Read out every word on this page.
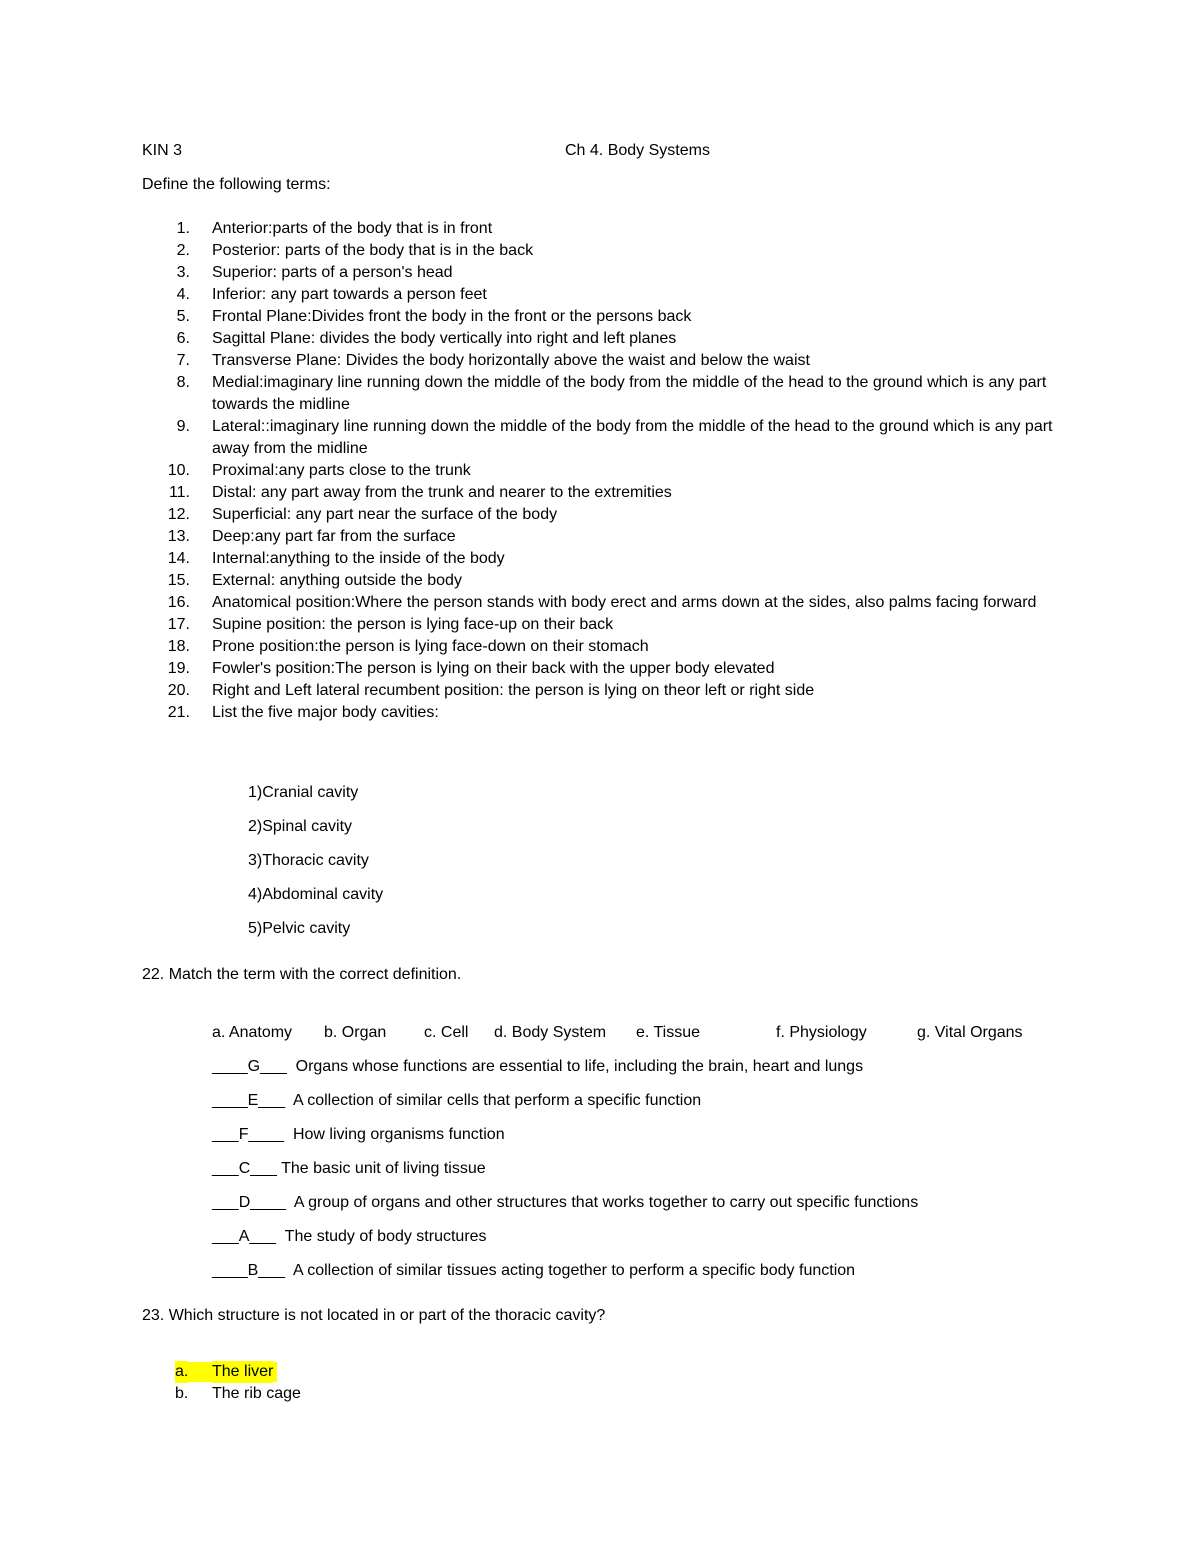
KIN 3	Ch 4. Body Systems
Define the following terms:
1. Anterior:parts of the body that is in front
2. Posterior: parts of the body that is in the back
3. Superior: parts of a person's head
4. Inferior: any part towards a person feet
5. Frontal Plane:Divides front the body in the front or the persons back
6. Sagittal Plane: divides the body vertically into right and left planes
7. Transverse Plane: Divides the body horizontally above the waist and below the waist
8. Medial:imaginary line running down the middle of the body from the middle of the head to the ground which is any part towards the midline
9. Lateral::imaginary line running down the middle of the body from the middle of the head to the ground which is any part away from the midline
10. Proximal:any parts close to the trunk
11. Distal: any part away from the trunk and nearer to the extremities
12. Superficial: any part near the surface of the body
13. Deep:any part far from the surface
14. Internal:anything to the inside of the body
15. External: anything outside the body
16. Anatomical position:Where the person stands with body erect and arms down at the sides, also palms facing forward
17. Supine position: the person is lying face-up on their back
18. Prone position:the person is lying face-down on their stomach
19. Fowler's position:The person is lying on their back with the upper body elevated
20. Right and Left lateral recumbent position: the person is lying on theor left or right side
21. List the five major body cavities:
1)Cranial cavity
2)Spinal cavity
3)Thoracic cavity
4)Abdominal cavity
5)Pelvic cavity
22. Match the term with the correct definition.
a. Anatomy b. Organ c. Cell d. Body System e. Tissue	f. Physiology	g. Vital Organs
____G___ Organs whose functions are essential to life, including the brain, heart and lungs
____E___ A collection of similar cells that perform a specific function
___F____ How living organisms function
___C___ The basic unit of living tissue
___D____ A group of organs and other structures that works together to carry out specific functions
___A___ The study of body structures
____B___ A collection of similar tissues acting together to perform a specific body function
23. Which structure is not located in or part of the thoracic cavity?
a. The liver
b. The rib cage
